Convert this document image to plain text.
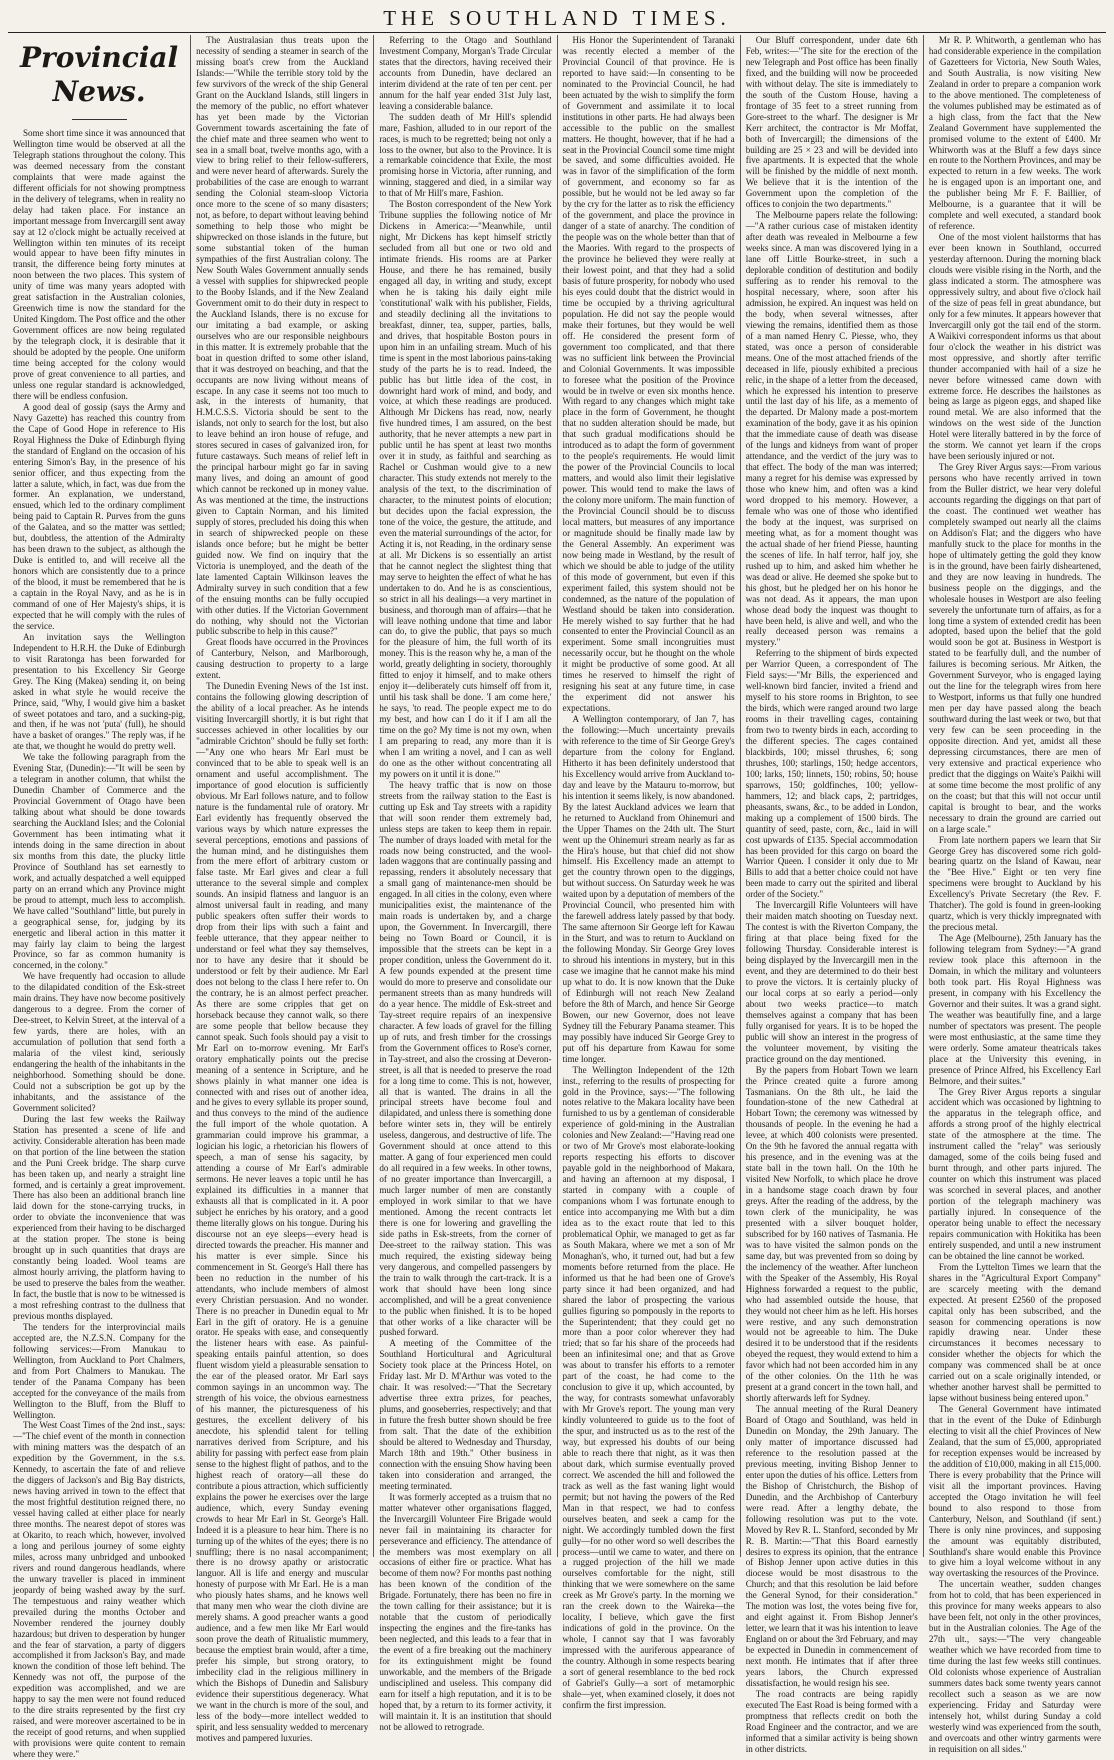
THE SOUTHLAND TIMES.
Provincial News.

Some short time since it was announced that Wellington time would be observed at all the Telegraph stations throughout the colony. This was deemed necessary from the constant complaints that were made against the different officials for not showing promptness in the delivery of telegrams, when in reality no delay had taken place. For instance an important message from Invercargill sent away say at 12 o'clock might be actually received at Wellington within ten minutes of its receipt would appear to have been fifty minutes in transit, the difference being forty minutes at noon between the two places. This system of unity of time was many years adopted with great satisfaction in the Australian colonies, Greenwich time is now the standard for the United Kingdom. The Post office and the other Government offices are now being regulated by the telegraph clock, it is desirable that it should be adopted by the people. One uniform time being accepted for the colony would prove of great convenience to all parties, and unless one regular standard is acknowledged, there will be endless confusion.

A good deal of gossip (says the Army and Navy Gazette) has reached this country from the Cape of Good Hope in reference to His Royal Highness the Duke of Edinburgh flying the standard of England on the occasion of his entering Simon's Bay, in the presence of his senior officer, and thus expecting from the latter a salute, which, in fact, was due from the former. An explanation, we understand, ensued, which led to the ordinary compliment being paid to Captain R. Purves from the guns of the Galatea, and so the matter was settled; but, doubtless, the attention of the Admiralty has been drawn to the subject, as although the Duke is entitled to, and will receive all the honors which are consistently due to a prince of the blood, it must be remembered that he is a captain in the Royal Navy, and as he is in command of one of Her Majesty's ships, it is expected that he will comply with the rules of the service.

An invitation says the Wellington Independent to H.R.H. the Duke of Edinburgh to visit Raratonga has been forwarded for presentation to his Excellency Sir George Grey. The King (Makea) sending it, on being asked in what style he would receive the Prince, said, "Why, I would give him a basket of sweet potatoes and taro, and a sucking-pig, and then, if he was not 'puta' (full), he should have a basket of oranges." The reply was, if he ate that, we thought he would do pretty well.

We take the following paragraph from the Evening Star, (Dunedin):—"It will be seen by a telegram in another column, that whilst the Dunedin Chamber of Commerce and the Provincial Government of Otago have been talking about what should be done towards searching the Auckland Isles; and the Colonial Government has been intimating what it intends doing in the same direction in about six months from this date, the plucky little Province of Southland has set earnestly to work, and actually despatched a well equipped party on an errand which any Province might be proud to attempt, much less to accomplish. We have called "Southland" little, but purely in a geographical sense, for, judging by its energetic and liberal action in this matter it may fairly lay claim to being the largest Province, so far as common humanity is concerned, in the colony."

We have frequently had occasion to allude to the dilapidated condition of the Esk-street main drains. They have now become positively dangerous to a degree. From the corner of Dee-street, to Kelvin Street, at the interval of a few yards, there are holes, with an accumulation of pollution that send forth a malaria of the vilest kind, seriously endangering the health of the inhabitants in the neighborhood. Something should be done. Could not a subscription be got up by the inhabitants, and the assistance of the Government solicited?

During the last few weeks the Railway Station has presented a scene of life and activity. Considerable alteration has been made on that portion of the line between the station and the Puni Creek bridge. The sharp curve has been taken up, and nearly a straight line formed, and is certainly a great improvement. There has also been an additional branch line laid down for the stone-carrying trucks, in order to obviate the inconvenience that was experienced from their having to be discharged at the station proper. The stone is being brought up in such quantities that drays are constantly being loaded. Wool teams are almost hourly arriving, the platform having to be used to preserve the bales from the weather. In fact, the bustle that is now to be witnessed is a most refreshing contrast to the dullness that previous months displayed.

The tenders for the interprovincial mails accepted are, the N.Z.S.N. Company for the following services:—From Manukau to Wellington, from Auckland to Port Chalmers, and from Port Chalmers to Manukau. The tender of the Panama Company has been accepted for the conveyance of the mails from Wellington to the Bluff, from the Bluff to Wellington.

The West Coast Times of the 2nd inst., says:—"The chief event of the month in connection with mining matters was the despatch of an expedition by the Government, in the s.s. Kennedy, to ascertain the fate of and relieve the diggers of Jackson's and Big Bay districts, news having arrived in town to the effect that the most frightful destitution reigned there, no vessel having called at either place for nearly three months. The nearest depot of stores was at Okarito, to reach which, however, involved a long and perilous journey of some eighty miles, across many unbridged and unbooked rivers and round dangerous headlands, where the unwary traveller is placed in imminent jeopardy of being washed away by the surf. The tempestuous and rainy weather which prevailed during the months October and November rendered the journey doubly hazardous; but driven to desperation by hunger and the fear of starvation, a party of diggers accomplished it from Jackson's Bay, and made known the condition of those left behind. The Kennedy was not off, the purpose of the expedition was accomplished, and we are happy to say the men were not found reduced to the dire straits represented by the first cry raised, and were moreover ascertained to be in the receipt of good returns, and when supplied with provisions were quite content to remain where they were."

The Australasian thus treats upon the necessity of sending a steamer in search of the missing boat's crew from the Auckland Islands:—"While the terrible story told by the few survivors of the wreck of the ship General Grant on the Auckland Islands, still lingers in the memory of the public, no effort whatever has yet been made by the Victorian Government towards ascertaining the fate of the chief mate and three seamen who went to sea in a small boat, twelve months ago, with a view to bring relief to their fellow-sufferers, and were never heard of afterwards. Surely the probabilities of the case are enough to warrant sending the Colonial steam-sloop Victoria once more to the scene of so many disasters; not, as before, to depart without leaving behind something to help those who might be shipwrecked on those islands in the future, but some substantial token of the human sympathies of the first Australian colony. The New South Wales Government annually sends a vessel with supplies for shipwrecked people to the Booby Islands, and if the New Zealand Government omit to do their duty in respect to the Auckland Islands, there is no excuse for our imitating a bad example, or asking ourselves who are our responsible neighbours in this matter. It is extremely probable that the boat in question drifted to some other island, that it was destroyed on beaching, and that the occupants are now living without means of escape. In any case it seems not too much to ask, in the interests of humanity, that H.M.C.S.S. Victoria should be sent to the islands, not only to search for the lost, but also to leave behind an iron house of refuge, and stores secured in cases of galvanized iron, for future castaways. Such means of relief left in the principal harbour might go far in saving many lives, and doing an amount of good which cannot be reckoned up in money value. As was mentioned at the time, the instructions given to Captain Norman, and his limited supply of stores, precluded his doing this when in search of shipwrecked people on these islands once before; but he might be better guided now. We find on inquiry that the Victoria is unemployed, and the death of the late lamented Captain Wilkinson leaves the Admiralty survey in such condition that a few of the ensuing months can be fully occupied with other duties. If the Victorian Government do nothing, why should not the Victorian public subscribe to help in this cause?"

Great floods have occurred in the Provinces of Canterbury, Nelson, and Marlborough, causing destruction to property to a large extent.

The Dunedin Evening News of the 1st inst. contains the following glowing description of the ability of a local preacher. As he intends visiting Invercargill shortly, it is but right that successes achieved in other localities by our "admirable Crichton" should be fully set forth:—"Any one who hears Mr Earl must be convinced that to be able to speak well is an ornament and useful accomplishment. The importance of good elocution is sufficiently obvious. Mr Earl follows nature, and to follow nature is the fundamental rule of oratory. Mr Earl evidently has frequently observed the various ways by which nature expresses the several perceptions, emotions and passions of the human mind, and he distinguishes them from the mere effort of arbitrary custom or false taste. Mr Earl gives and clear a full utterance to the several simple and complex sounds. An insipid flatness and languor is an almost universal fault in reading, and many public speakers often suffer their words to drop from their lips with such a faint and feeble utterance, that they appear neither to understand or feel what they say themselves, nor to have any desire that it should be understood or felt by their audience. Mr Earl does not belong to the class I here refer to. On the contrary, he is an almost perfect preacher. As there are some cripples that get on horseback because they cannot walk, so there are some people that bellow because they cannot speak. Such fools should pay a visit to Mr Earl on to-morrow evening. Mr Earl's oratory emphatically points out the precise meaning of a sentence in Scripture, and he shows plainly in what manner one idea is connected with and rises out of another idea, and he gives to every syllable its proper sound, and thus conveys to the mind of the audience the full import of the whole quotation. A grammarian could improve his grammar, a logician his logic, a rhetorician his flowers of speech, a man of sense his sagacity, by attending a course of Mr Earl's admirable sermons. He never leaves a topic until he has explained its difficulties in a manner that exhausts all that is complicated in it. A poor subject he enriches by his oratory, and a good theme literally glows on his tongue. During his discourse not an eye sleeps—every head is directed towards the preacher. His manner and his matter is ever simple. Since his commencement in St. George's Hall there has been no reduction in the number of his attendants, who include members of almost every Christian persuasion. And no wonder. There is no preacher in Dunedin equal to Mr Earl in the gift of oratory. He is a genuine orator. He speaks with ease, and consequently the listener hears with ease. As painful-speaking entails painful attention, so does fluent wisdom yield a pleasurable sensation to the ear of the pleased orator. Mr Earl says common sayings in an uncommon way. The strength of his voice, the obvious earnestness of his manner, the picturesqueness of his gestures, the excellent delivery of his anecdote, his splendid talent for telling narratives derived from Scripture, and his ability for passing with perfect ease from plain sense to the highest flight of pathos, and to the highest reach of oratory—all these do contribute a pious attraction, which sufficiently explains the power he exercises over the large audience, which, every Sunday evening crowds to hear Mr Earl in St. George's Hall. Indeed it is a pleasure to hear him. There is no turning up of the whites of the eyes; there is no snuffling; there is no nasal accompaniment; there is no drowsy apathy or aristocratic languor. All is life and energy and muscular honesty of purpose with Mr Earl. He is a man who piously hates shams, and he knows well that many men who wear the cloth divine are merely shams. A good preacher wants a good audience, and a few men like Mr Earl would soon prove the death of Ritualistic mummery, because the emptiest brain would, after a time, prefer his simple, but strong oratory, to imbecility clad in the religious millinery in which the Bishops of Dunedin and Salisbury evidence their superstitious degeneracy. What we want in the church is more of the soul, and less of the body—more intellect wedded to spirit, and less sensuality wedded to mercenary motives and pampered luxuries.

Referring to the Otago and Southland Investment Company, Morgan's Trade Circular states that the directors, having received their accounts from Dunedin, have declared an interim dividend at the rate of ten per cent. per annum for the half year ended 31st July last, leaving a considerable balance.

The sudden death of Mr Hill's splendid mare, Fashion, alluded to in our report of the races, is much to be regretted; being not only a loss to the owner, but also to the Province. It is a remarkable coincidence that Exile, the most promising horse in Victoria, after running, and winning, staggered and died, in a similar way to that of Mr Hill's mare, Fashion.

The Boston correspondent of the New York Tribune supplies the following notice of Mr Dickens in America:—"Meanwhile, until night, Mr Dickens has kept himself strictly secluded from all but one or two old and intimate friends. His rooms are at Parker House, and there he has remained, busily engaged all day, in writing and study, except when he is taking his daily eight mile 'constitutional' walk with his publisher, Fields, and steadily declining all the invitations to breakfast, dinner, tea, supper, parties, balls, and drives, that hospitable Boston pours in upon him in an unfailing stream. Much of his time is spent in the most laborious pains-taking study of the parts he is to read. Indeed, the public has but little idea of the cost, in downright hard work of mind, and body, and voice, at which these readings are produced. Although Mr Dickens has read, now, nearly five hundred times, I am assured, on the best authority, that he never attempts a new part in public until he has spent at least two months over it in study, as faithful and searching as Rachel or Cushman would give to a new character. This study extends not merely to the analysis of the text, to the discrimination of character, to the minutest points of elocution; but decides upon the facial expression, the tone of the voice, the gesture, the attitude, and even the material surroundings of the actor, for Acting it is, not Reading, in the ordinary sense at all. Mr Dickens is so essentially an artist that he cannot neglect the slightest thing that may serve to heighten the effect of what he has undertaken to do. And he is as conscientious, so strict in all his dealings—a very martinet in business, and thorough man of affairs—that he will leave nothing undone that time and labor can do, to give the public, that pays so much for the pleasure of him, the full worth of its money. This is the reason why he, a man of the world, greatly delighting in society, thoroughly fitted to enjoy it himself, and to make others enjoy it—deliberately cuts himself off from it, until his task shall be done. 'I am come here,' he says, 'to read. The people expect me to do my best, and how can I do it if I am all the time on the go? My time is not my own, when I am preparing to read, any more than it is when I am writing a novel, and I can as well do one as the other without concentrating all my powers on it until it is done.'"

The heavy traffic that is now on those streets from the railway station to the East is cutting up Esk and Tay streets with a rapidity that will soon render them extremely bad, unless steps are taken to keep them in repair. The number of drays loaded with metal for the roads now being constructed, and the wool-laden waggons that are continually passing and repassing, renders it absolutely necessary that a small gang of maintenance-men should be engaged. In all cities in the colony, even where municipalities exist, the maintenance of the main roads is undertaken by, and a charge upon, the Government. In Invercargill, there being no Town Board or Council, it is impossible that the streets can be kept in a proper condition, unless the Government do it. A few pounds expended at the present time would do more to preserve and consolidate our permanent streets than as many hundreds will do a year hence. The middle of Esk-street and Tay-street require repairs of an inexpensive character. A few loads of gravel for the filling up of ruts, and fresh timber for the crossings from the Government offices to Rose's corner, in Tay-street, and also the crossing at Deveron-street, is all that is needed to preserve the road for a long time to come. This is not, however, all that is wanted. The drains in all the principal streets have become foul and dilapidated, and unless there is something done before winter sets in, they will be entirely useless, dangerous, and destructive of life. The Government should at once attend to this matter. A gang of four experienced men could do all required in a few weeks. In other towns, of no greater importance than Invercargill, a much larger number of men are constantly employed in work similar to that we have mentioned. Among the recent contracts let there is one for lowering and gravelling the side paths in Esk-streets, from the corner of Dee-street to the railway station. This was much required, the existing sideway being very dangerous, and compelled passengers by the train to walk through the cart-track. It is a work that should have been long since accomplished, and will be a great convenience to the public when finished. It is to be hoped that other works of a like character will be pushed forward.

A meeting of the Committee of the Southland Horticultural and Agricultural Society took place at the Princess Hotel, on Friday last. Mr D. M'Arthur was voted to the chair. It was resolved:—"That the Secretary advertise three extra prizes, for peaches, plums, and gooseberries, respectively; and that in future the fresh butter shown should be free from salt. That the date of the exhibition should be altered to Wednesday and Thursday, March 18th and 19th." Other business in connection with the ensuing Show having been taken into consideration and arranged, the meeting terminated.

It was formerly accepted as a truism that no matter whatever other organisations flagged, the Invercargill Volunteer Fire Brigade would never fail in maintaining its character for perseverance and efficiency. The attendance of the members was most exemplary on all occasions of either fire or practice. What has become of them now? For months past nothing has been known of the condition of the Brigade. Fortunately, there has been no fire in the town calling for their assistance; but it is notable that the custom of periodically inspecting the engines and the fire-tanks has been neglected, and this leads to a fear that in the event of a fire breaking out the machinery for its extinguishment might be found unworkable, and the members of the Brigade undisciplined and useless. This company did earn for itself a high reputation, and it is to be hoped that, by a return to its former activity, it will maintain it. It is an institution that should not be allowed to retrograde.

His Honor the Superintendent of Taranaki was recently elected a member of the Provincial Council of that province. He is reported to have said:—In consenting to be nominated to the Provincial Council, he had been actuated by the wish to simplify the form of Government and assimilate it to local institutions in other parts. He had always been accessible to the public on the smallest matters. He thought, however, that if he had a seat in the Provincial Council some time might be saved, and some difficulties avoided. He was in favor of the simplification of the form of government, and economy so far as possible, but he would not be led away so far by the cry for the latter as to risk the efficiency of the government, and place the province in danger of a state of anarchy. The condition of the people was on the whole better than that of the Maories. With regard to the prospects of the province he believed they were really at their lowest point, and that they had a solid basis of future prosperity, for nobody who used his eyes could doubt that the district would in time be occupied by a thriving agricultural population. He did not say the people would make their fortunes, but they would be well off. He considered the present form of government too complicated, and that there was no sufficient link between the Provincial and Colonial Governments. It was impossible to foresee what the position of the Province would be in twelve or even six months hence. With regard to any changes which might take place in the form of Government, he thought that no sudden alteration should be made, but that such gradual modifications should be introduced as to adapt the form of government to the people's requirements. He would limit the power of the Provincial Councils to local matters, and would also limit their legislative power. This would tend to make the laws of the colony more uniform. The main function of the Provincial Council should be to discuss local matters, but measures of any importance or magnitude should be finally made law by the General Assembly. An experiment was now being made in Westland, by the result of which we should be able to judge of the utility of this mode of government, but even if this experiment failed, this system should not be condemned, as the nature of the population of Westland should be taken into consideration. He merely wished to say further that he had consented to enter the Provincial Council as an experiment. Some small incongruities must necessarily occur, but he thought on the whole it might be productive of some good. At all times he reserved to himself the right of resigning his seat at any future time, in case the experiment did not answer his expectations.

A Wellington contemporary, of Jan 7, has the following:—Much uncertainty prevails with reference to the time of Sir George Grey's departure from the colony for England. Hitherto it has been definitely understood that his Excellency would arrive from Auckland to-day and leave by the Matauru to-morrow, but his intention it seems likely, is now abandoned. By the latest Auckland advices we learn that he returned to Auckland from Ohinemuri and the Upper Thames on the 24th ult. The Sturt went up the Ohinemuri stream nearly as far as the Hira's house, but that chief did not show himself. His Excellency made an attempt to get the country thrown open to the diggings, but without success. On Saturday week he was waited upon by a deputation of members of the Provincial Council, who presented him with the farewell address lately passed by that body. The same afternoon Sir George left for Kawau in the Sturt, and was to return to Auckland on the following Monday. Sir George Grey loves to shroud his intentions in mystery, but in this case we imagine that he cannot make his mind up what to do. It is now known that the Duke of Edinburgh will not reach New Zealand before the 8th of March, and hence Sir George Bowen, our new Governor, does not leave Sydney till the Feburary Panama steamer. This may possibly have induced Sir George Grey to put off his departure from Kawau for some time longer.

The Wellington Independent of the 12th inst., referring to the results of prospecting for gold in the Province, says:—"The following notes relative to the Makara locality have been furnished to us by a gentleman of considerable experience of gold-mining in the Australian colonies and New Zealand:—"Having read one or two of Mr Grove's most elaborate-looking reports respecting his efforts to discover payable gold in the neighborhood of Makara, and having an afternoon at my disposal, I started in company with a couple of companions whom I was fortunate enough to entice into accompanying me With but a dim idea as to the exact route that led to this problematical Ophir, we managed to get as far as South Makara, where we met a son of Mr Monaghan's, who, it turned out, had but a few moments before returned from the place. He informed us that he had been one of Grove's party since it had been organized, and had shared the labor of prospecting the various gullies figuring so pompously in the reports to the Superintendent; that they could get no more than a poor color wherever they had tried; that so far his share of the proceeds had been an infinitesimal one; and that as Grove was about to transfer his efforts to a remoter part of the coast, he had come to the conclusion to give it up, which accounted, by the way, for contrasts somewhat unfavorably with Mr Grove's report. The young man very kindly volunteered to guide us to the foot of the spur, and instructed us as to the rest of the way, but expressed his doubts of our being able to reach there that night, as it was then about dark, which surmise eventually proved correct. We ascended the hill and followed the track as well as the fast waning light would permit; but not having the powers of the Red Man in that respect, we had to confess ourselves beaten, and seek a camp for the night. We accordingly tumbled down the first gully—for no other word so well describes the process—until we came to water, and there on a rugged projection of the hill we made ourselves comfortable for the night, still thinking that we were somewhere on the same creek as Mr Grove's party. In the morning we ran the creek down to the Waireka—the locality, I believe, which gave the first indications of gold in the province. On the whole, I cannot say that I was favorably impressed with the auriferous appearance of the country. Although in some respects bearing a sort of general resemblance to the bed rock of Gabriel's Gully—a sort of metamorphic shale—yet, when examined closely, it does not confirm the first impression.

Our Bluff correspondent, under date 6th Feb, writes:—"The site for the erection of the new Telegraph and Post office has been finally fixed, and the building will now be proceeded with without delay. The site is immediately to the south of the Custom House, having a frontage of 35 feet to a street running from Gore-street to the wharf. The designer is Mr Kerr architect, the contractor is Mr Moffat, both of Invercargill; the dimensions of the building are 25 × 23 and will be devided into five apartments. It is expected that the whole will be finished by the middle of next month. We believe that it is the intention of the Government upon the completion of the offices to conjoin the two departments."

The Melbourne papers relate the following:—"A rather curious case of mistaken identity after death was revealed in Melbourne a few weeks since. A man was discovered lying in a lane off Little Bourke-street, in such a deplorable condition of destitution and bodily suffering as to render his removal to the hospital necessary, where, soon after his admission, he expired. An inquest was held on the body, when several witnesses, after viewing the remains, identified them as those of a man named Henry C. Piesse, who, they stated, was once a person of considerable means. One of the most attached friends of the deceased in life, piously exhibited a precious relic, in the shape of a letter from the deceased, which he expressed his intention to preserve until the last day of his life, as a memento of the departed. Dr Malony made a post-mortem examination of the body, gave it as his opinion that the immediate cause of death was disease of the lungs and kidneys from want of proper attendance, and the verdict of the jury was to that effect. The body of the man was interred; many a regret for his demise was expressed by those who knew him, and often was a kind word dropped to his memory. However, a female who was one of those who identified the body at the inquest, was surprised on meeting what, as for a moment thought was the actual shade of her friend Piesse, haunting the scenes of life. In half terror, half joy, she rushed up to him, and asked him whether he was dead or alive. He deemed she spoke but to his ghost, but he pledged her on his honor he was not dead. As it appears, the man upon whose dead body the inquest was thought to have been held, is alive and well, and who the really deceased person was remains a mystery."

Referring to the shipment of birds expected per Warrior Queen, a correspondent of The Field says:—"Mr Bills, the experienced and well-known bird fancier, invited a friend and myself to his store rooms in Brighton, to see the birds, which were ranged around two large rooms in their travelling cages, containing from two to twenty birds in each, according to the different species. The cages contained blackbirds, 100; missel thrushes, 6; song thrushes, 100; starlings, 150; hedge accentors, 100; larks, 150; linnets, 150; robins, 50; house sparrows, 150; goldfinches, 100; yellow-hammers, 12; and black caps, 2; partridges, pheasants, swans, &c., to be added in London, making up a complement of 1500 birds. The quantity of seed, paste, corn, &c., laid in will cost upwards of £135. Special accommodation has been provided for this cargo on board the Warrior Queen. I consider it only due to Mr Bills to add that a better choice could not have been made to carry out the spirited and liberal order of the Society."

The Invercargill Rifle Volunteers will have their maiden match shooting on Tuesday next. The contest is with the Riverton Company, the firing at that place being fixed for the following Thursday. Considerable interest is being displayed by the Invercargill men in the event, and they are determined to do their best to prove the victors. It is certainly plucky of our local corps at so early a period—only about two weeks practice—to match themselves against a company that has been fully organised for years. It is to be hoped the public will show an interest in the progress of the volunteer movement, by visiting the practice ground on the day mentioned.

By the papers from Hobart Town we learn the Prince created quite a furore among Tasmanians. On the 8th ult., he laid the foundation-stone of the new Cathedral at Hobart Town; the ceremony was witnessed by thousands of people. In the evening he had a levee, at which 400 colonists were presented. On the 9th he favored the annual regatta with his presence, and in the evening was at the state ball in the town hall. On the 10th he visited New Norfolk, to which place he drove in a handsome stage coach drawn by four greys. After the reading of the address, by the town clerk of the municipality, he was presented with a silver bouquet holder, subscribed for by 160 natives of Tasmania. He was to have visited the salmon ponds on the same day, but was prevented from so doing by the inclemency of the weather. After luncheon with the Speaker of the Assembly, His Royal Highness forwarded a request to the public, who had assembled outside the house, that they would not cheer him as he left. His horses were restive, and any such demonstration would not be agreeable to him. The Duke desired it to be understood that if the residents obeyed the request, they would extend to him a favor which had not been accorded him in any of the other colonies. On the 11th he was present at a grand concert in the town hall, and shortly afterwards left for Sydney.

The annual meeting of the Rural Deanery Board of Otago and Southland, was held in Dunedin on Monday, the 29th January. The only matter of importance discussed had reference to the resolution passed at the previous meeting, inviting Bishop Jenner to enter upon the duties of his office. Letters from the Bishop of Christchurch, the Bishop of Dunedin, and the Archbishop of Canterbury were read. After a lengthy debate, the following resolution was put to the vote. Moved by Rev R. L. Stanford, seconded by Mr R. B. Martin:—"That this Board earnestly desires to express its opinion, that the entrance of Bishop Jenner upon active duties in this diocese would be most disastrous to the Church; and that this resolution be laid before the General Synod, for their consideration." The motion was lost, the votes being five for, and eight against it. From Bishop Jenner's letter, we learn that it was his intention to leave England on or about the 3rd February, and may be expected in Dunedin in commencement of next month. He intimates that if after three years labors, the Church expressed dissatisfaction, he would resign his see.

The road contracts are being rapidly executed The East Road is being formed with a promptness that reflects credit on both the Road Engineer and the contractor, and we are informed that a similar activity is being shown in other districts.

Mr R. P. Whitworth, a gentleman who has had considerable experience in the compilation of Gazetteers for Victoria, New South Wales, and South Australia, is now visiting New Zealand in order to prepare a companion work to the above mentioned. The completeness of the volumes published may be estimated as of a high class, from the fact that the New Zealand Government have supplemented the promised volume to the extent of £400. Mr Whitworth was at the Bluff a few days since en route to the Northern Provinces, and may be expected to return in a few weeks. The work he is engaged upon is an important one, and the publisher being Mr F. F. Baillier, of Melbourne, is a guarantee that it will be complete and well executed, a standard book of reference.

One of the most violent hailstorms that has ever been known in Southland, occurred yesterday afternoon. During the morning black clouds were visible rising in the North, and the glass indicated a storm. The atmosphere was oppressively sultry, and about five o'clock hail of the size of peas fell in great abundance, but only for a few minutes. It appears however that Invercargill only got the tail end of the storm. A Waikivi correspondent informs us that about four o'clock the weather in his district was most oppressive, and shortly after terrific thunder accompanied with hail of a size he never before witnessed came down with extreme force. He describes the hailstones as being as large as pigeon eggs, and shaped like round metal. We are also informed that the windows on the west side of the Junction Hotel were literally battered in by the force of the storm. We cannot yet learn if the crops have been seriously injured or not.

The Grey River Argus says:—From various persons who have recently arrived in town from the Buller district, we hear very doleful accounts regarding the diggings on that part of the coast. The continued wet weather has completely swamped out nearly all the claims on Addison's Flat; and the diggers who have manfully stuck to the place for months in the hope of ultimately getting the gold they know is in the ground, have been fairly disheartened, and they are now leaving in hundreds. The business people on the diggings, and the wholesale houses in Westport are also feeling severely the unfortunate turn of affairs, as for a long time a system of extended credit has been adopted, based upon the belief that the gold would soon be got at. Business in Westport is stated to be fearfully dull, and the number of failures is becoming serious. Mr Aitken, the Government Surveyor, who is engaged laying out the line for the telegraph wires from here to Westport, informs us that fully one hundred men per day have passed along the beach southward during the last week or two, but that very few can be seen proceeding in the opposite direction. And yet, amidst all these depressing circumstances, there are men of very extensive and practical experience who predict that the diggings on Waite's Paikhi will at some time become the most prolific of any on the coast; but that this will not occur until capital is brought to bear, and the works necessary to drain the ground are carried out on a large scale."

From late northern papers we learn that Sir George Grey has discovered some rich gold-bearing quartz on the Island of Kawau, near the "Bee Hive." Eight or ten very fine specimens were brought to Auckland by his Excellency's Private Secretary (the Rev. F. Thatcher). The gold is found in green-looking quartz, which is very thickly impregnated with the precious metal.

The Age (Melbourne), 25th January has the following telegram from Sydney:—"A grand review took place this afternoon in the Domain, in which the military and volunteers both took part. His Royal Highness was present, in company with his Excellency the Governor and their suites. It was a grand sight. The weather was beautifully fine, and a large number of spectators was present. The people were most enthusiastic, at the same time they were orderly. Some amateur theatricals takes place at the University this evening, in presence of Prince Alfred, his Excellency Earl Belmore, and their suites."

The Grey River Argus reports a singular accident which was occasioned by lightning to the apparatus in the telegraph office, and affords a strong proof of the highly electrical state of the atmosphere at the time. The instrument called the "relay" was seriously damaged, some of the coils being fused and burnt through, and other parts injured. The counter on which this instrument was placed was scorched in several places, and another portion of the telegraph machinery was partially injured. In consequence of the operator being unable to effect the necessary repairs communication with Hokitika has been entirely suspended, and until a new instrument can be obtained the line cannot be worked.

From the Lyttelton Times we learn that the shares in the "Agricultural Export Company" are scarcely meeting with the demand expected. At present £2560 of the proposed capital only has been subscribed, and the season for commencing operations is now rapidly drawing near. Under these circumstances it becomes necessary to consider whether the objects for which the company was commenced shall be at once carried out on a scale originally intended, or whether another harvest shall be permitted to lapse without business being entered upon."

The General Government have intimated that in the event of the Duke of Edinburgh electing to visit all the chief Provinces of New Zealand, that the sum of £5,000, appropriated for reception expenses would be increased by the addition of £10,000, making in all £15,000. There is every probability that the Prince will visit all the important provinces. Having accepted the Otago invitation he will feel bound to also respond to those from Canterbury, Nelson, and Southland (if sent.) There is only nine provinces, and supposing the amount was equitably distributed, Southland's share would enable this Province to give him a loyal welcome without in any way overtasking the resources of the Province.

The uncertain weather, sudden changes from hot to cold, that has been experienced in this province for many weeks appears to also have been felt, not only in the other provinces, but in the Australian colonies. The Age of the 27th ult., says:—"The very changeable weather which we have recorded from time to time during the last few weeks still continues. Old colonists whose experience of Australian summers dates back some twenty years cannot recollect such a season as we are now experiencing. Friday and Saturday were intensely hot, whilst during Sunday a cold westerly wind was experienced from the south, and overcoats and other wintry garments were in requisition on all sides."
